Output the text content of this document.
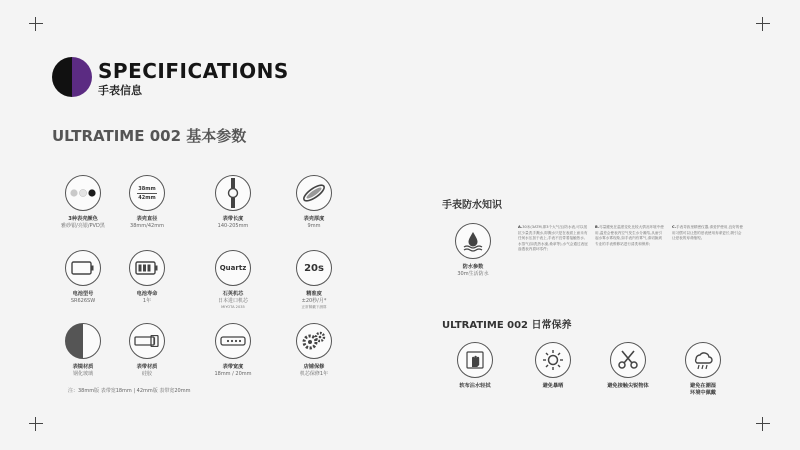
SPECIFICATIONS
手表信息
ULTRATIME 002 基本参数
3种表壳颜色
雅砂银/亮银/PVD黑
38mm
42mm
表壳直径
38mm/42mm
表带长度
140-205mm
表壳厚度
9mm
电池型号
SR626SW
电池寿命
1年
Quartz
石英机芯
日本进口机芯
MIYOTA 2035
20s
精准度
±20秒/月*
正常佩戴下测算
表镜材质
钢化玻璃
表带材质
硅胶
表带宽度
18mm / 20mm
店铺保修
机芯保修1年
注：38mm版 表带宽18mm | 42mm版 表带宽20mm
手表防水知识
防水参数
30m生活防水
A.30米(3ATM,即3个大气压)防水表,可以抵抗少量洗手溅水,即溅水只是在表面上而未有任何水压加于表上,手表不宜带着接触热水,水蒸气(如洗热水澡,桑拿等),水气会通过表冠渗透表内损坏零件;
B.尽量避免在温度变化比较大情况环境中使用,温差会使表内空气发生水分凝结,从而引起水雾水雾现象,如手表内有雾气,请切换到专业的手表维修站进行清洗和保养;
C.手表导致里精密仪器,请爱护使用,良好的使用习惯可以让您的爱表使用寿命更长,吸引会让爱表的寿命缩短。
ULTRATIME 002 日常保养
软布沾水轻拭	避免暴晒	避免接触尖锐物体	避免在潮湿
环境中佩戴
